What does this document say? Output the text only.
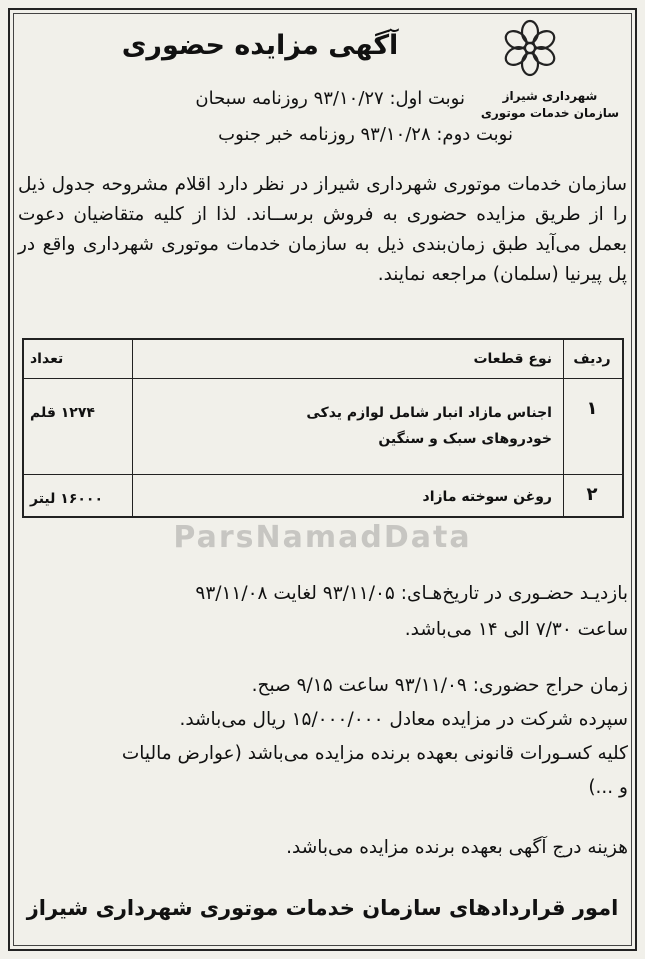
شهرداری شیراز
سازمان خدمات موتوری
آگهی مزایده حضوری
نوبت اول: ۹۳/۱۰/۲۷ روزنامه سبحان
نوبت دوم: ۹۳/۱۰/۲۸ روزنامه خبر جنوب
سازمان خدمات موتوری شهرداری شیراز در نظر دارد اقلام مشروحه جدول ذیل را از طریق مزایده حضوری به فروش برســاند. لذا از کلیه متقاضیان دعوت بعمل می‌آید طبق زمان‌بندی ذیل به سازمان خدمات موتوری شهرداری واقع در پل پیرنیا (سلمان) مراجعه نمایند.
ردیف
نوع قطعات
تعداد
۱
اجناس مازاد انبار شامل لوازم یدکی خودروهای سبک و سنگین
۱۲۷۴ قلم
۲
روغن سوخته مازاد
۱۶۰۰۰ لیتر
ParsNamadData
بازدیـد حضـوری در تاریخ‌هـای: ۹۳/۱۱/۰۵ لغایت ۹۳/۱۱/۰۸
ساعت ۷/۳۰ الی ۱۴ می‌باشد.
زمان حراج حضوری: ۹۳/۱۱/۰۹ ساعت ۹/۱۵ صبح.
سپرده شرکت در مزایده معادل ۱۵/۰۰۰/۰۰۰ ریال می‌باشد.
کلیه کسـورات قانونی بعهده برنده مزایده می‌باشد (عوارض مالیات
و ...)
هزینه درج آگهی بعهده برنده مزایده می‌باشد.
امور قراردادهای سازمان خدمات موتوری شهرداری شیراز
